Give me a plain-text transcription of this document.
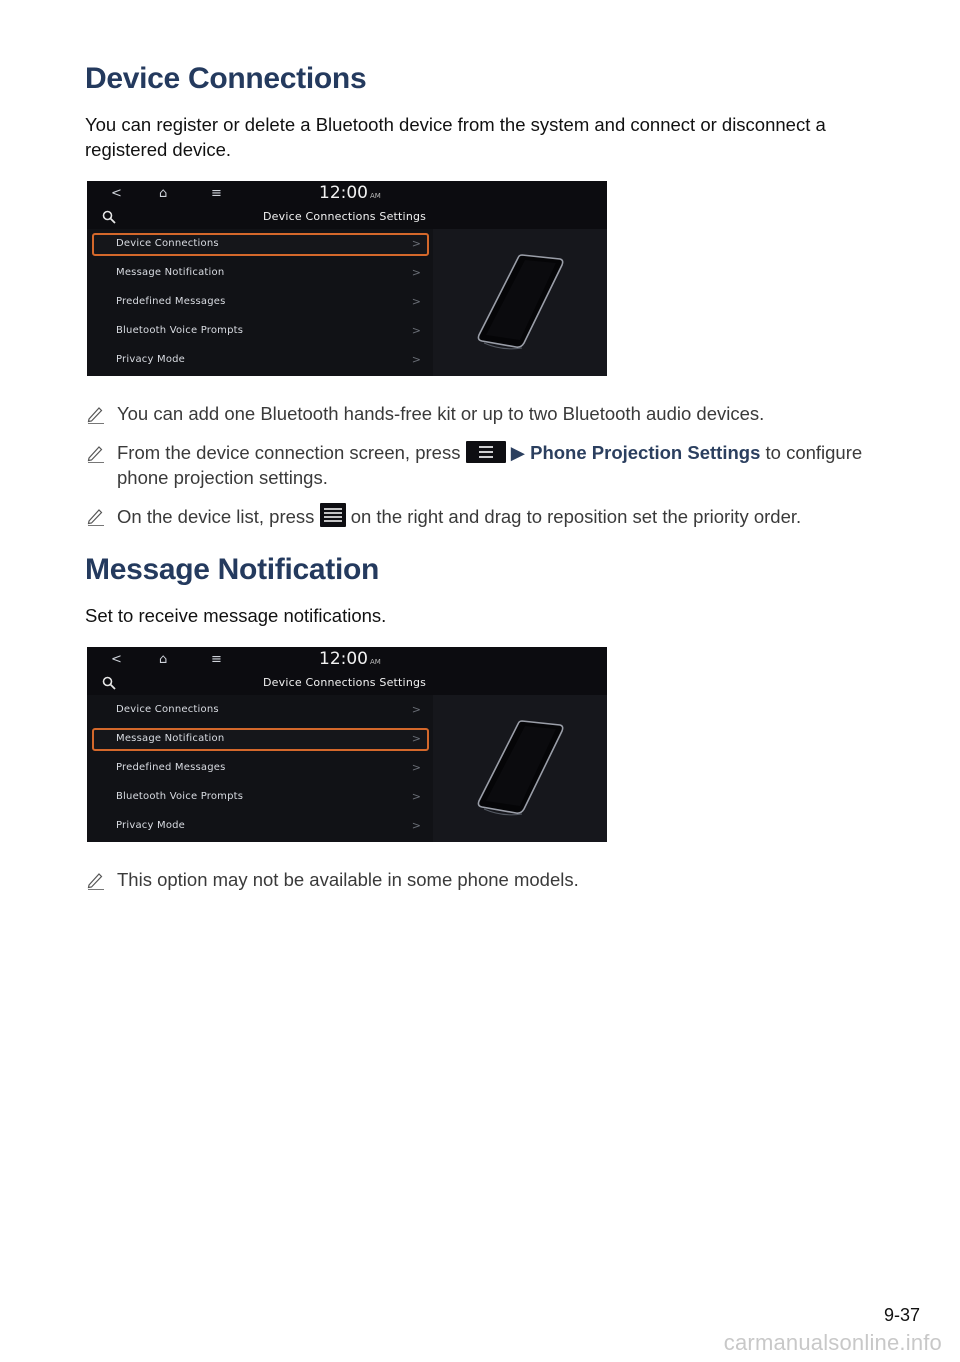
Device Connections
You can register or delete a Bluetooth device from the system and connect or disconnect a registered device.
<	⌂	≡	12:00 AM
Device Connections Settings
Device Connections	>
Message Notification	>
Predefined Messages	>
Bluetooth Voice Prompts	>
Privacy Mode	>
You can add one Bluetooth hands-free kit or up to two Bluetooth audio devices.
From the device connection screen, press	▶ Phone Projection Settings to configure phone projection settings.
On the device list, press on the right and drag to reposition set the priority order.
Message Notification
Set to receive message notifications.
<	⌂	≡	12:00 AM
Device Connections Settings
Device Connections	>
Message Notification	>
Predefined Messages	>
Bluetooth Voice Prompts	>
Privacy Mode	>
This option may not be available in some phone models.
9-37
carmanualsonline.info
